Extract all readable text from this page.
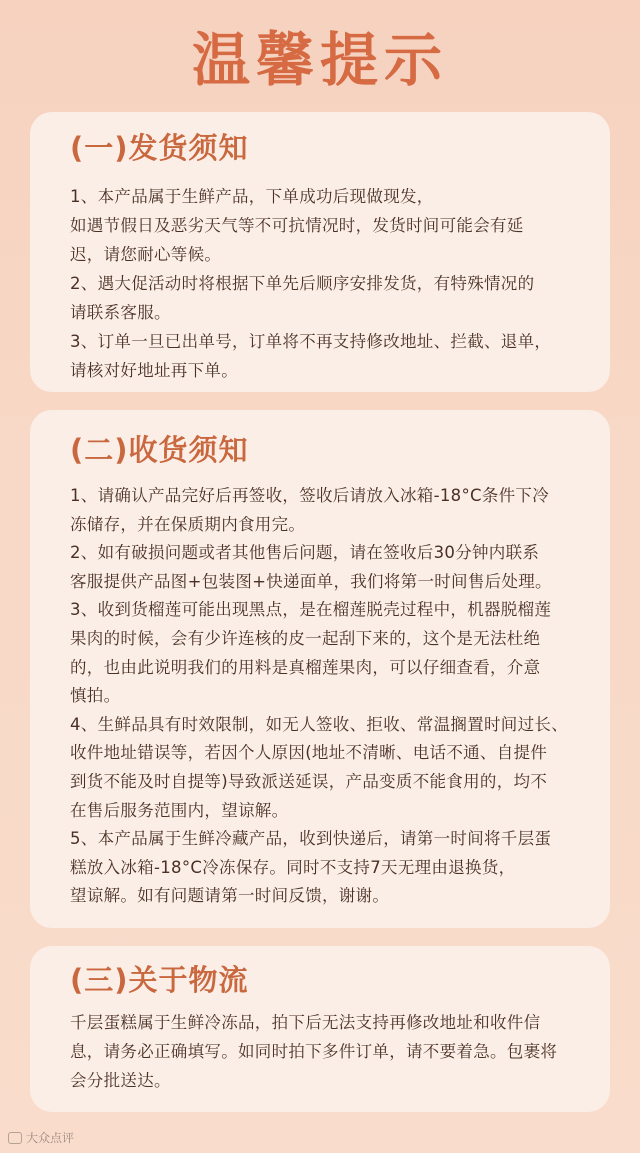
温馨提示
(一)发货须知
1、本产品属于生鲜产品，下单成功后现做现发，
如遇节假日及恶劣天气等不可抗情况时，发货时间可能会有延
迟，请您耐心等候。
2、遇大促活动时将根据下单先后顺序安排发货，有特殊情况的
请联系客服。
3、订单一旦已出单号，订单将不再支持修改地址、拦截、退单，
请核对好地址再下单。
(二)收货须知
1、请确认产品完好后再签收，签收后请放入冰箱-18°C条件下冷
冻储存，并在保质期内食用完。
2、如有破损问题或者其他售后问题，请在签收后30分钟内联系
客服提供产品图+包装图+快递面单，我们将第一时间售后处理。
3、收到货榴莲可能出现黑点，是在榴莲脱壳过程中，机器脱榴莲
果肉的时候，会有少许连核的皮一起刮下来的，这个是无法杜绝
的，也由此说明我们的用料是真榴莲果肉，可以仔细查看，介意
慎拍。
4、生鲜品具有时效限制，如无人签收、拒收、常温搁置时间过长、
收件地址错误等，若因个人原因(地址不清晰、电话不通、自提件
到货不能及时自提等)导致派送延误，产品变质不能食用的，均不
在售后服务范围内，望谅解。
5、本产品属于生鲜冷藏产品，收到快递后，请第一时间将千层蛋
糕放入冰箱-18°C冷冻保存。同时不支持7天无理由退换货，
望谅解。如有问题请第一时间反馈，谢谢。
(三)关于物流
千层蛋糕属于生鲜冷冻品，拍下后无法支持再修改地址和收件信
息，请务必正确填写。如同时拍下多件订单，请不要着急。包裹将
会分批送达。
大众点评
